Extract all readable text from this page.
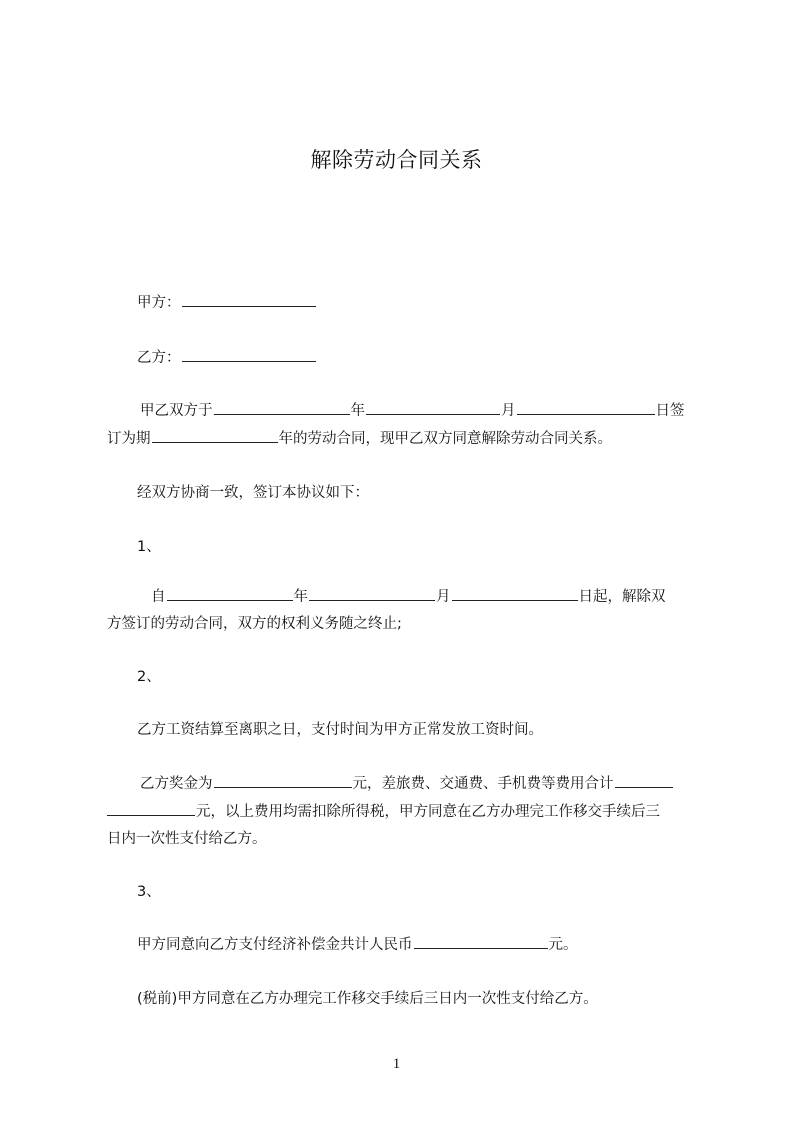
解除劳动合同关系
甲方：
乙方：
甲乙双方于	年	月	日签
订为期	年的劳动合同，现甲乙双方同意解除劳动合同关系。
经双方协商一致，签订本协议如下：
1、
自	年	月	日起，解除双
方签订的劳动合同，双方的权利义务随之终止;
2、
乙方工资结算至离职之日，支付时间为甲方正常发放工资时间。
乙方奖金为	元，差旅费、交通费、手机费等费用合计
元，以上费用均需扣除所得税，甲方同意在乙方办理完工作移交手续后三
日内一次性支付给乙方。
3、
甲方同意向乙方支付经济补偿金共计人民币	元。
(税前)甲方同意在乙方办理完工作移交手续后三日内一次性支付给乙方。
1
